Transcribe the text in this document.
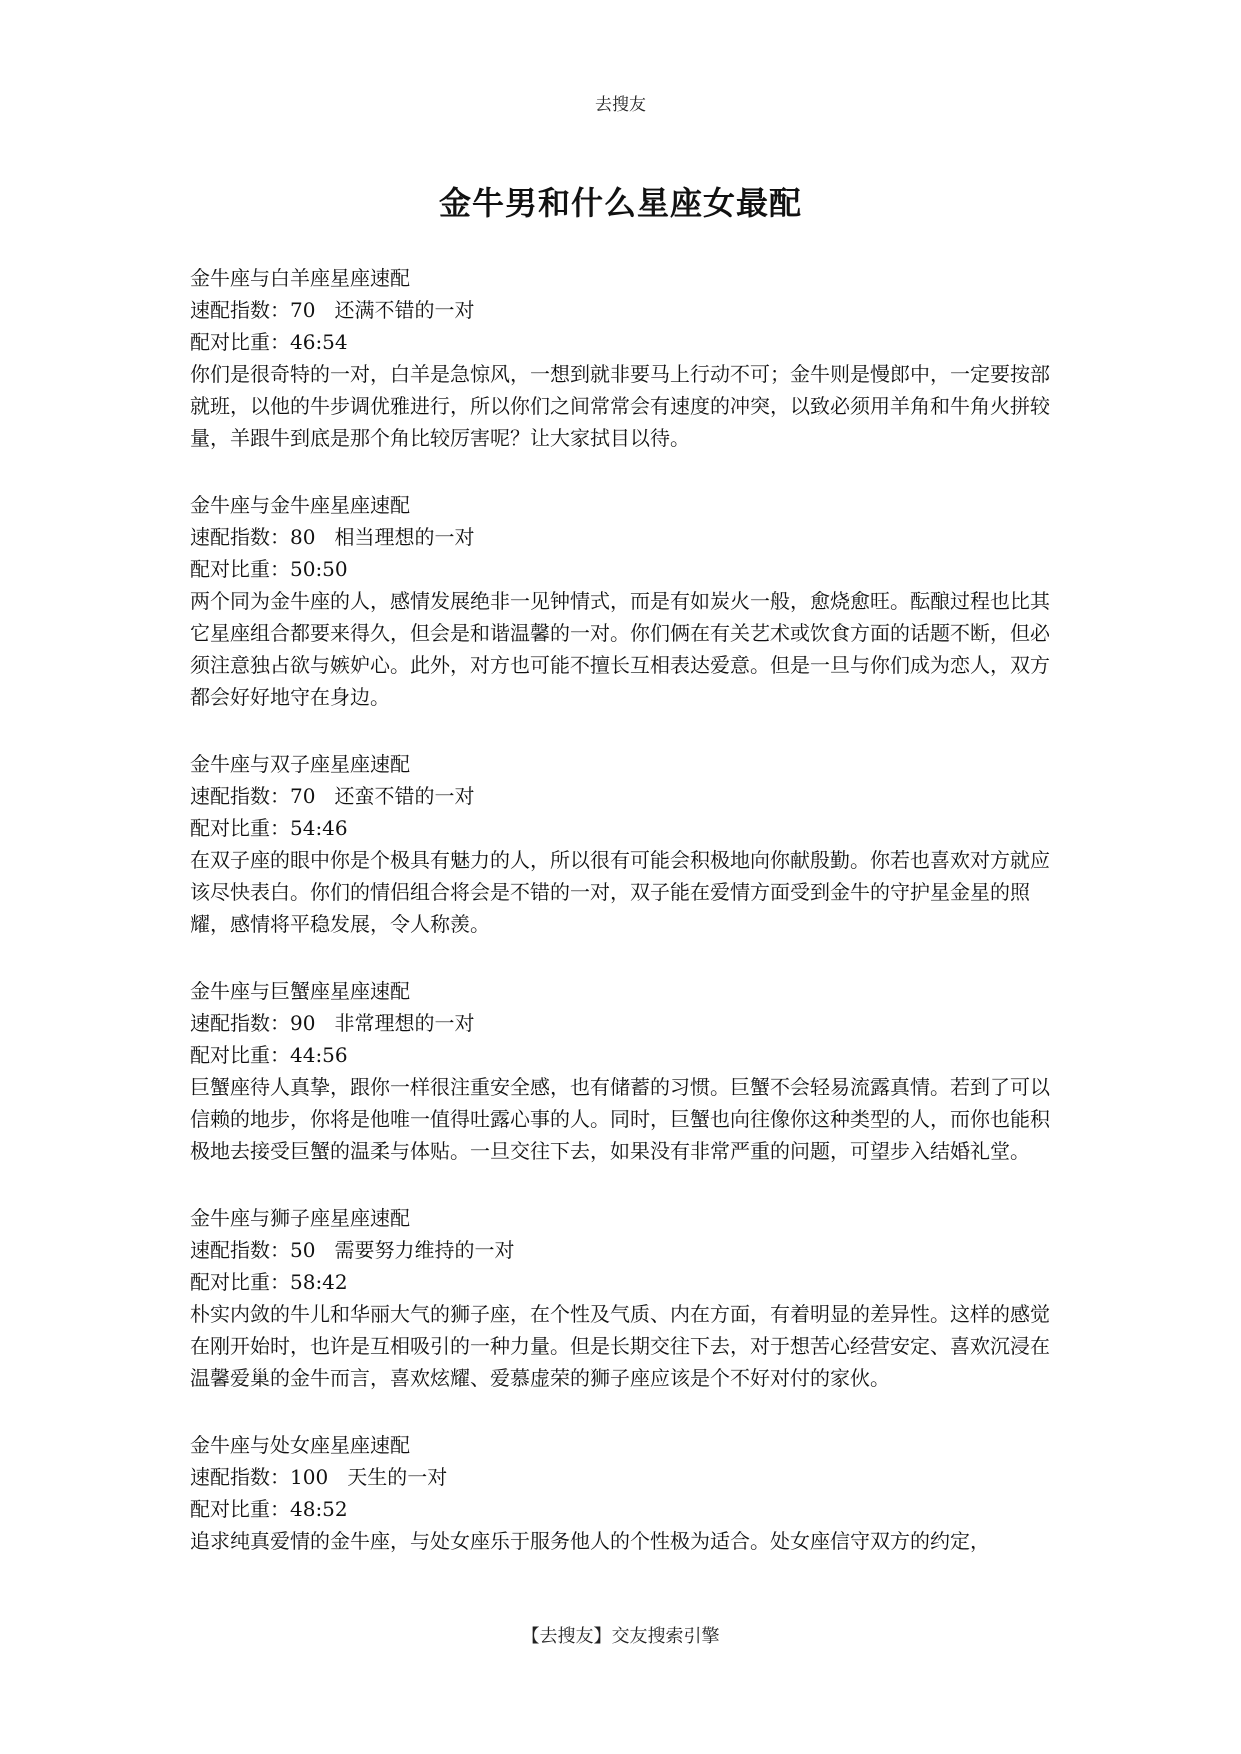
去搜友
金牛男和什么星座女最配
金牛座与白羊座星座速配
速配指数：70   还满不错的一对
配对比重：46:54

你们是很奇特的一对，白羊是急惊风，一想到就非要马上行动不可；金牛则是慢郎中，一定要按部就班，以他的牛步调优雅进行，所以你们之间常常会有速度的冲突，以致必须用羊角和牛角火拼较量，羊跟牛到底是那个角比较厉害呢？让大家拭目以待。

金牛座与金牛座星座速配
速配指数：80   相当理想的一对
配对比重：50:50

两个同为金牛座的人，感情发展绝非一见钟情式，而是有如炭火一般，愈烧愈旺。酝酿过程也比其它星座组合都要来得久，但会是和谐温馨的一对。你们俩在有关艺术或饮食方面的话题不断，但必须注意独占欲与嫉妒心。此外，对方也可能不擅长互相表达爱意。但是一旦与你们成为恋人，双方都会好好地守在身边。

金牛座与双子座星座速配
速配指数：70   还蛮不错的一对
配对比重：54:46

在双子座的眼中你是个极具有魅力的人，所以很有可能会积极地向你献殷勤。你若也喜欢对方就应该尽快表白。你们的情侣组合将会是不错的一对，双子能在爱情方面受到金牛的守护星金星的照耀，感情将平稳发展，令人称羡。

金牛座与巨蟹座星座速配
速配指数：90   非常理想的一对
配对比重：44:56

巨蟹座待人真挚，跟你一样很注重安全感，也有储蓄的习惯。巨蟹不会轻易流露真情。若到了可以信赖的地步，你将是他唯一值得吐露心事的人。同时，巨蟹也向往像你这种类型的人，而你也能积极地去接受巨蟹的温柔与体贴。一旦交往下去，如果没有非常严重的问题，可望步入结婚礼堂。

金牛座与狮子座星座速配
速配指数：50   需要努力维持的一对
配对比重：58:42

朴实内敛的牛儿和华丽大气的狮子座，在个性及气质、内在方面，有着明显的差异性。这样的感觉在刚开始时，也许是互相吸引的一种力量。但是长期交往下去，对于想苦心经营安定、喜欢沉浸在温馨爱巢的金牛而言，喜欢炫耀、爱慕虚荣的狮子座应该是个不好对付的家伙。

金牛座与处女座星座速配
速配指数：100   天生的一对
配对比重：48:52

追求纯真爱情的金牛座，与处女座乐于服务他人的个性极为适合。处女座信守双方的约定，

【去搜友】交友搜索引擎
